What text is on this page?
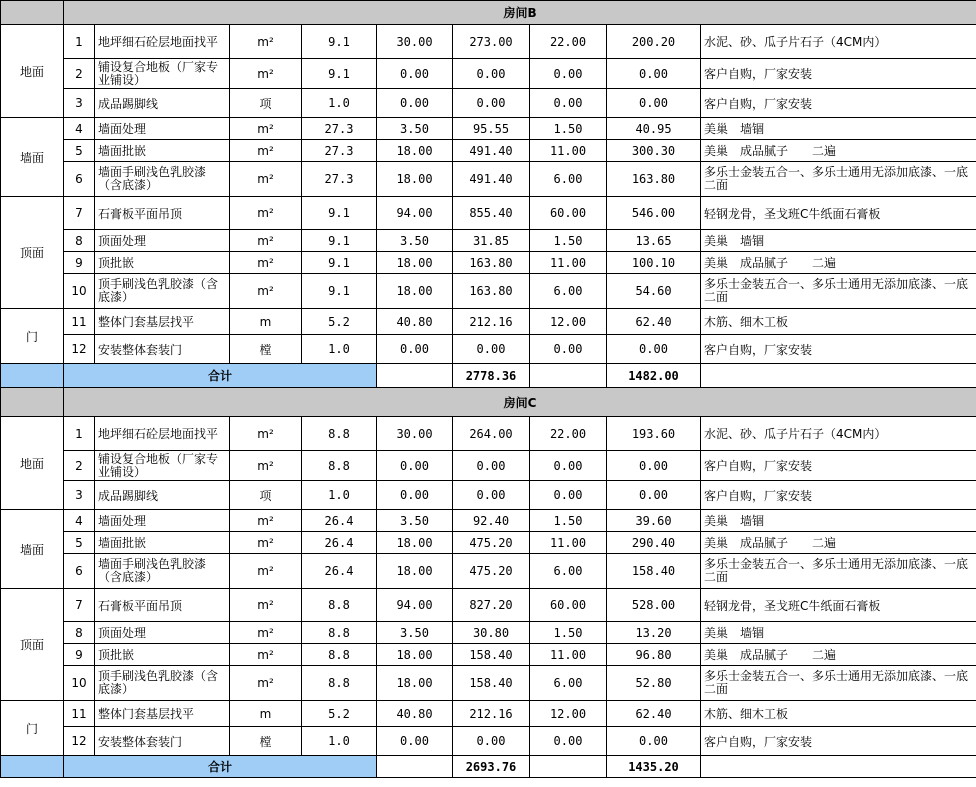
	房间B								
地面	1	地坪细石砼层地面找平	m²	9.1	30.00	273.00	22.00	200.20	水泥、砂、瓜子片石子（4CM内）
	2	铺设复合地板（厂家专业铺设）	m²	9.1	0.00	0.00	0.00	0.00	客户自购，厂家安装
	3	成品踢脚线	项	1.0	0.00	0.00	0.00	0.00	客户自购，厂家安装
墙面	4	墙面处理	m²	27.3	3.50	95.55	1.50	40.95	美巢　墙锢
	5	墙面批嵌	m²	27.3	18.00	491.40	11.00	300.30	美巢　成品腻子　　二遍
	6	墙面手刷浅色乳胶漆（含底漆）	m²	27.3	18.00	491.40	6.00	163.80	多乐士金装五合一、多乐士通用无添加底漆、一底二面
顶面	7	石膏板平面吊顶	m²	9.1	94.00	855.40	60.00	546.00	轻钢龙骨，圣戈班C牛纸面石膏板
	8	顶面处理	m²	9.1	3.50	31.85	1.50	13.65	美巢　墙锢
	9	顶批嵌	m²	9.1	18.00	163.80	11.00	100.10	美巢　成品腻子　　二遍
	10	顶手刷浅色乳胶漆（含底漆）	m²	9.1	18.00	163.80	6.00	54.60	多乐士金装五合一、多乐士通用无添加底漆、一底二面
门	11	整体门套基层找平	m	5.2	40.80	212.16	12.00	62.40	木筋、细木工板
	12	安装整体套装门	樘	1.0	0.00	0.00	0.00	0.00	客户自购，厂家安装
	合计					2778.36		1482.00	
	房间C								
地面	1	地坪细石砼层地面找平	m²	8.8	30.00	264.00	22.00	193.60	水泥、砂、瓜子片石子（4CM内）
	2	铺设复合地板（厂家专业铺设）	m²	8.8	0.00	0.00	0.00	0.00	客户自购，厂家安装
	3	成品踢脚线	项	1.0	0.00	0.00	0.00	0.00	客户自购，厂家安装
墙面	4	墙面处理	m²	26.4	3.50	92.40	1.50	39.60	美巢　墙锢
	5	墙面批嵌	m²	26.4	18.00	475.20	11.00	290.40	美巢　成品腻子　　二遍
	6	墙面手刷浅色乳胶漆（含底漆）	m²	26.4	18.00	475.20	6.00	158.40	多乐士金装五合一、多乐士通用无添加底漆、一底二面
顶面	7	石膏板平面吊顶	m²	8.8	94.00	827.20	60.00	528.00	轻钢龙骨，圣戈班C牛纸面石膏板
	8	顶面处理	m²	8.8	3.50	30.80	1.50	13.20	美巢　墙锢
	9	顶批嵌	m²	8.8	18.00	158.40	11.00	96.80	美巢　成品腻子　　二遍
	10	顶手刷浅色乳胶漆（含底漆）	m²	8.8	18.00	158.40	6.00	52.80	多乐士金装五合一、多乐士通用无添加底漆、一底二面
门	11	整体门套基层找平	m	5.2	40.80	212.16	12.00	62.40	木筋、细木工板
	12	安装整体套装门	樘	1.0	0.00	0.00	0.00	0.00	客户自购，厂家安装
	合计					2693.76		1435.20	
